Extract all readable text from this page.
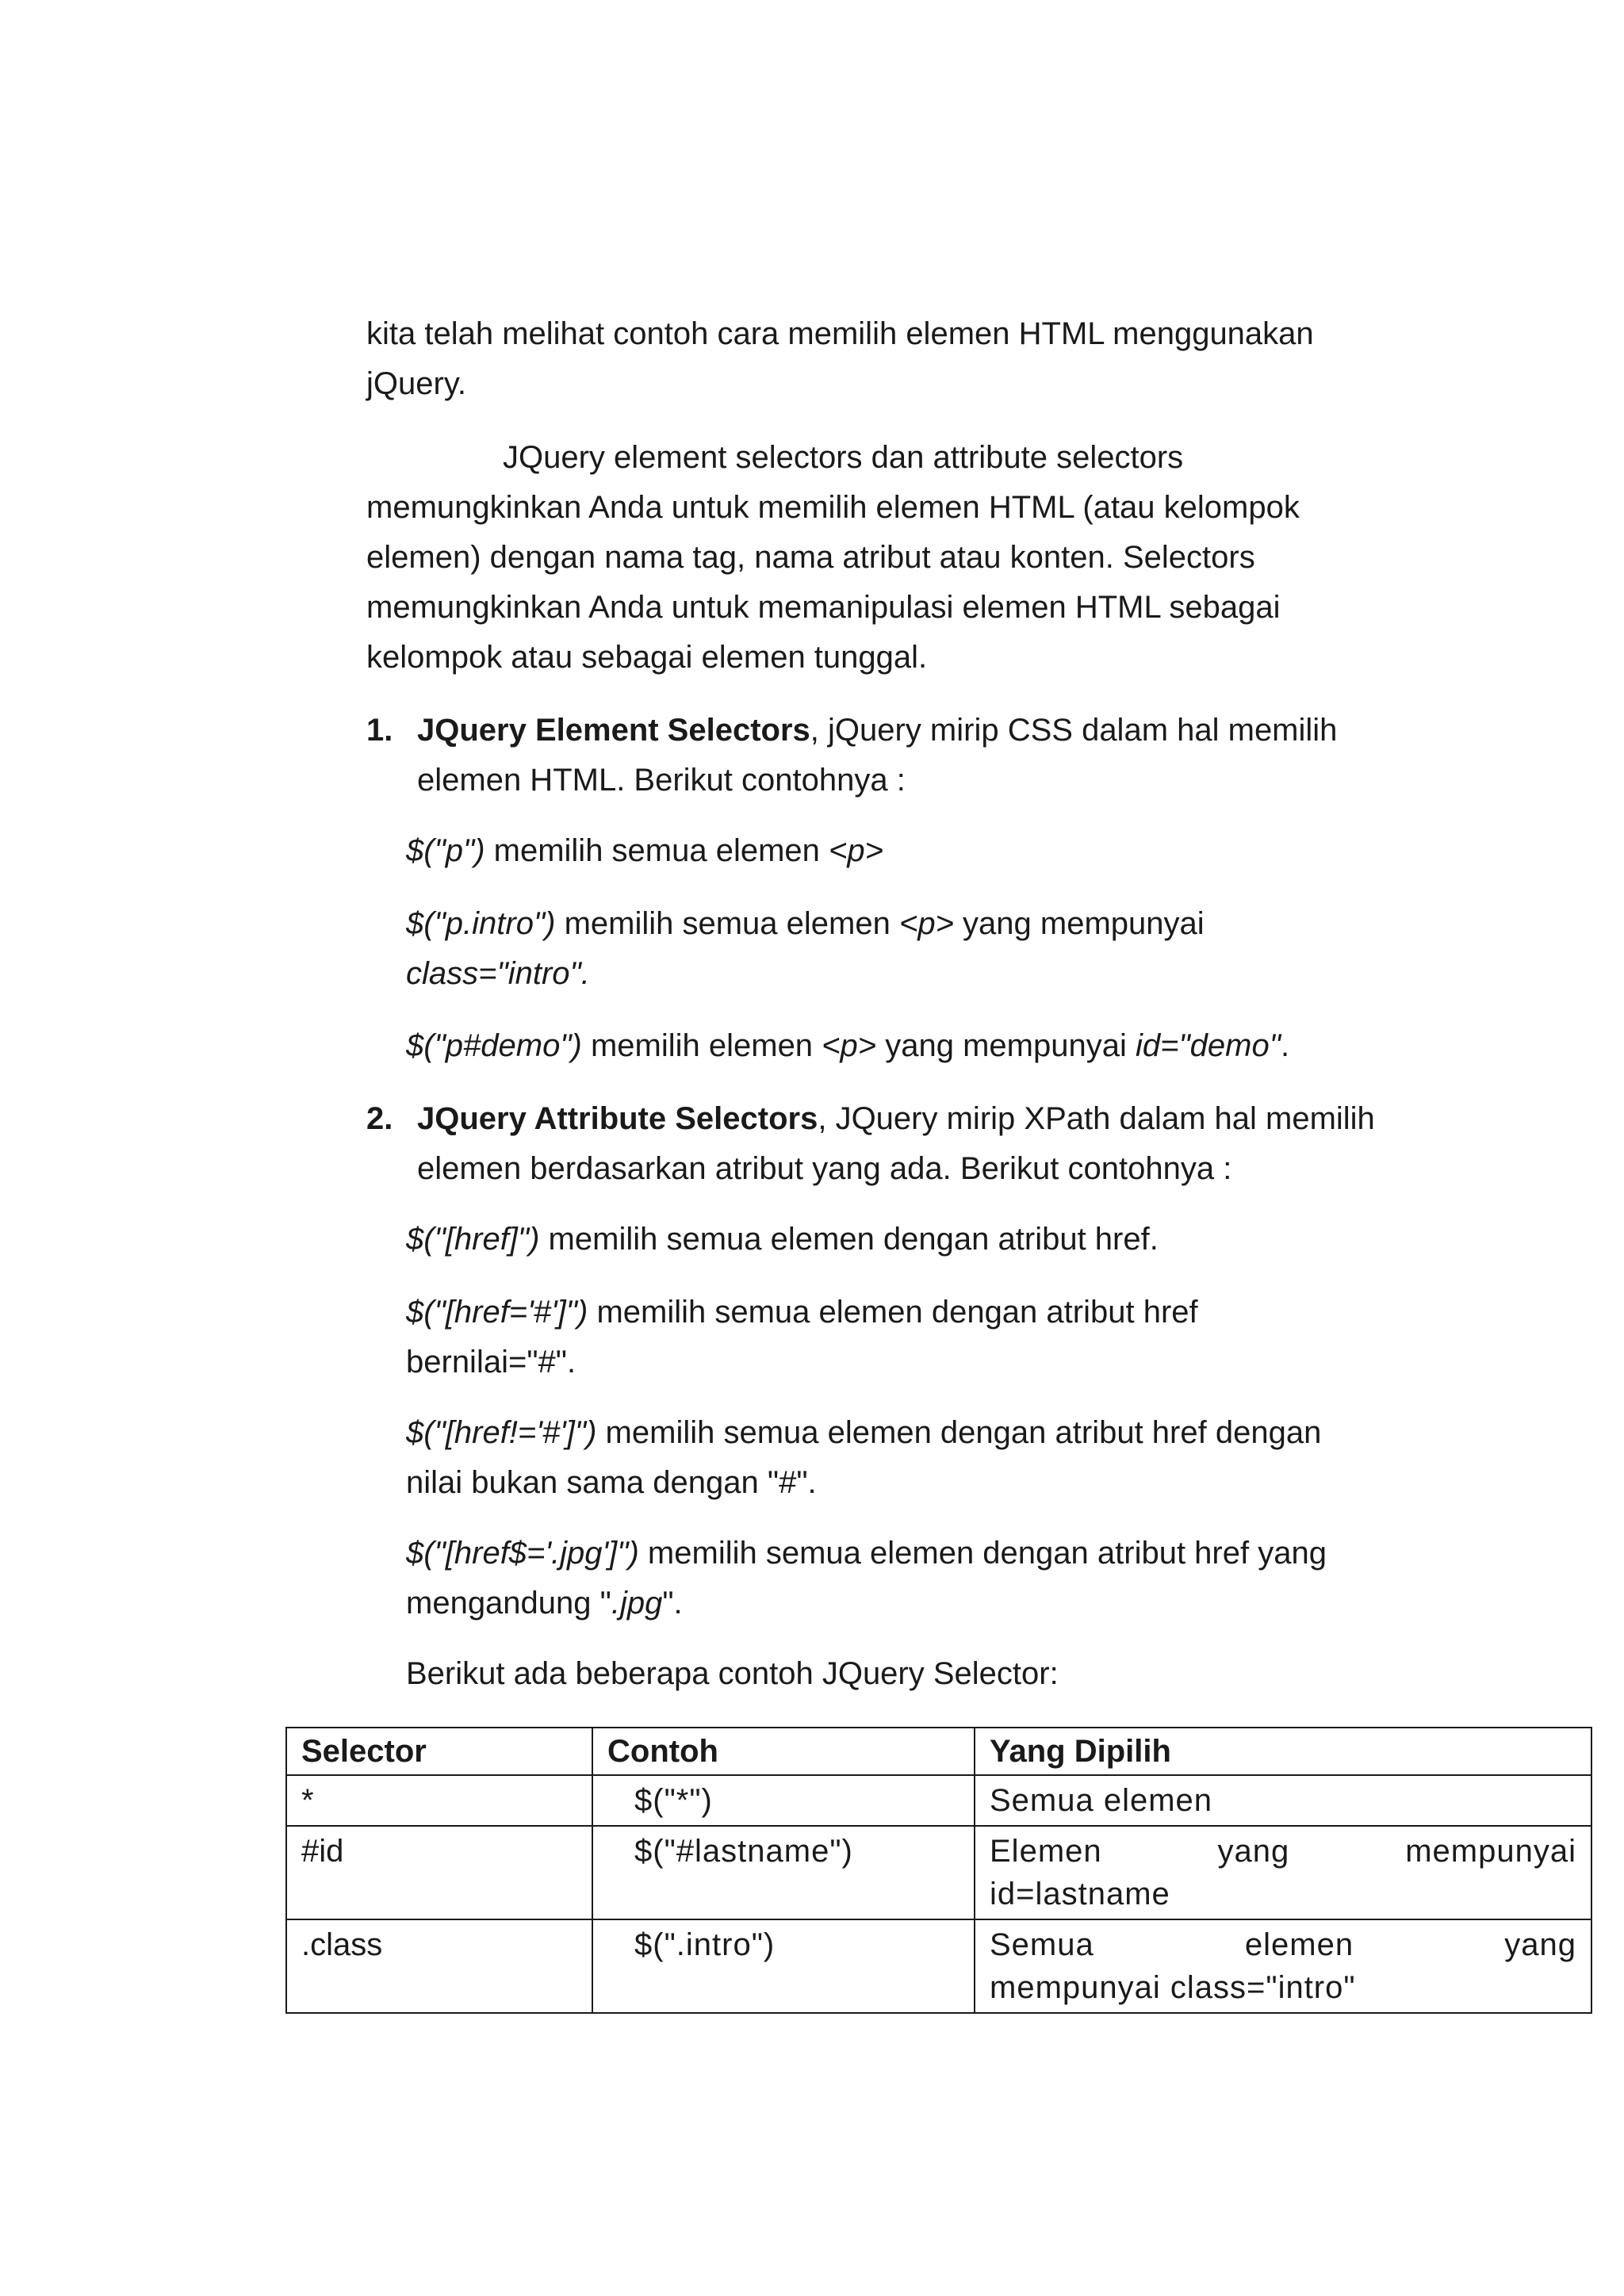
kita telah melihat contoh cara memilih elemen HTML menggunakan

jQuery.

JQuery element selectors dan attribute selectors

memungkinkan Anda untuk memilih elemen HTML (atau kelompok

elemen) dengan nama tag, nama atribut atau konten. Selectors

memungkinkan Anda untuk memanipulasi elemen HTML sebagai

kelompok atau sebagai elemen tunggal.

1. JQuery Element Selectors, jQuery mirip CSS dalam hal memilih
elemen HTML. Berikut contohnya :
$("p") memilih semua elemen <p>
$("p.intro") memilih semua elemen <p> yang mempunyai
class="intro".
$("p#demo") memilih elemen <p> yang mempunyai id="demo".
2. JQuery Attribute Selectors, JQuery mirip XPath dalam hal memilih
elemen berdasarkan atribut yang ada. Berikut contohnya :
$("[href]") memilih semua elemen dengan atribut href.
$("[href='#']") memilih semua elemen dengan atribut href
bernilai="#".
$("[href!='#']") memilih semua elemen dengan atribut href dengan
nilai bukan sama dengan "#".
$("[href$='.jpg']") memilih semua elemen dengan atribut href yang
mengandung ".jpg".
Berikut ada beberapa contoh JQuery Selector:
Selector	Contoh	Yang Dipilih
*	$("*")	Semua elemen
#id	$("#lastname")	Elemen yang mempunyai
id=lastname

.class	$(".intro")	Semua elemen yang
mempunyai class="intro"
